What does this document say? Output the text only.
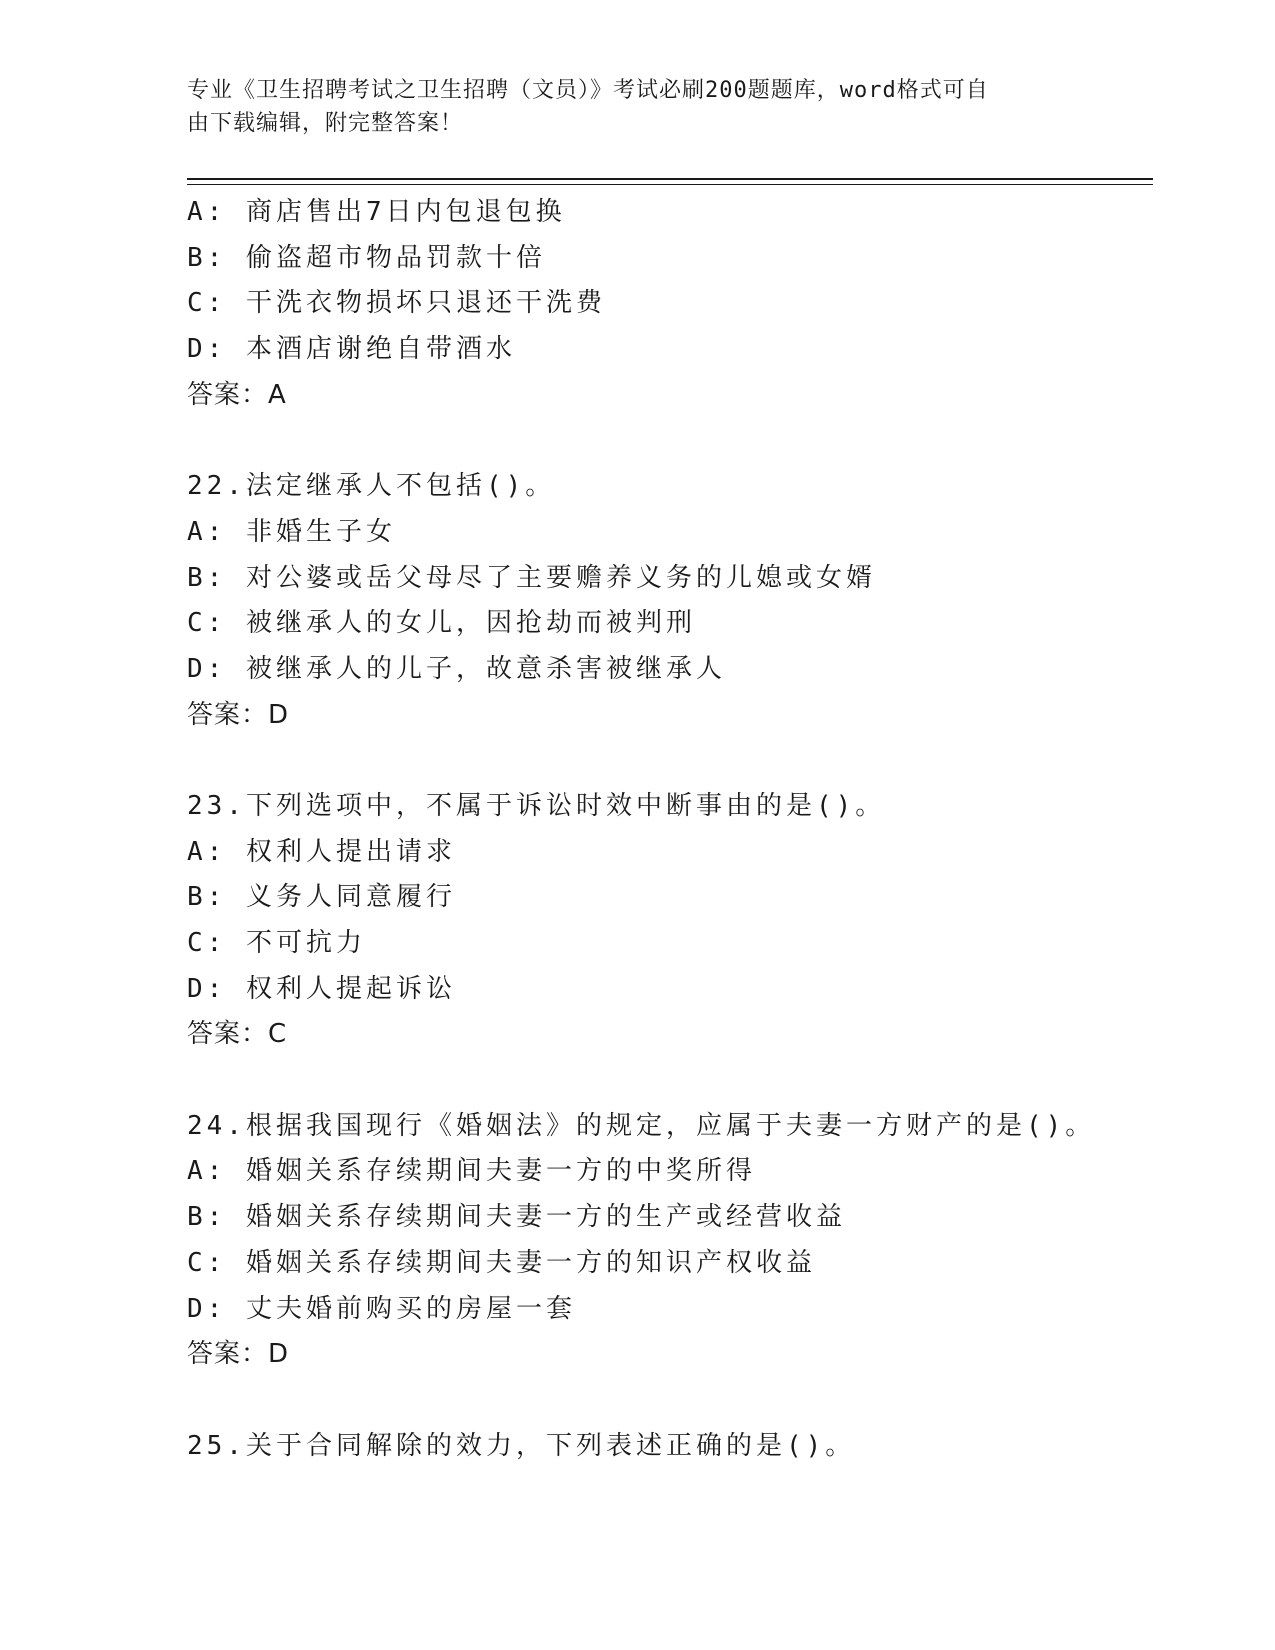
专业《卫生招聘考试之卫生招聘（文员）》考试必刷200题题库，word格式可自
由下载编辑，附完整答案！
A: 商店售出7日内包退包换
B: 偷盗超市物品罚款十倍
C: 干洗衣物损坏只退还干洗费
D: 本酒店谢绝自带酒水
答案：A
22.法定继承人不包括()。
A: 非婚生子女
B: 对公婆或岳父母尽了主要赡养义务的儿媳或女婿
C: 被继承人的女儿，因抢劫而被判刑
D: 被继承人的儿子，故意杀害被继承人
答案：D
23.下列选项中，不属于诉讼时效中断事由的是()。
A: 权利人提出请求
B: 义务人同意履行
C: 不可抗力
D: 权利人提起诉讼
答案：C
24.根据我国现行《婚姻法》的规定，应属于夫妻一方财产的是()。
A: 婚姻关系存续期间夫妻一方的中奖所得
B: 婚姻关系存续期间夫妻一方的生产或经营收益
C: 婚姻关系存续期间夫妻一方的知识产权收益
D: 丈夫婚前购买的房屋一套
答案：D
25.关于合同解除的效力，下列表述正确的是()。
